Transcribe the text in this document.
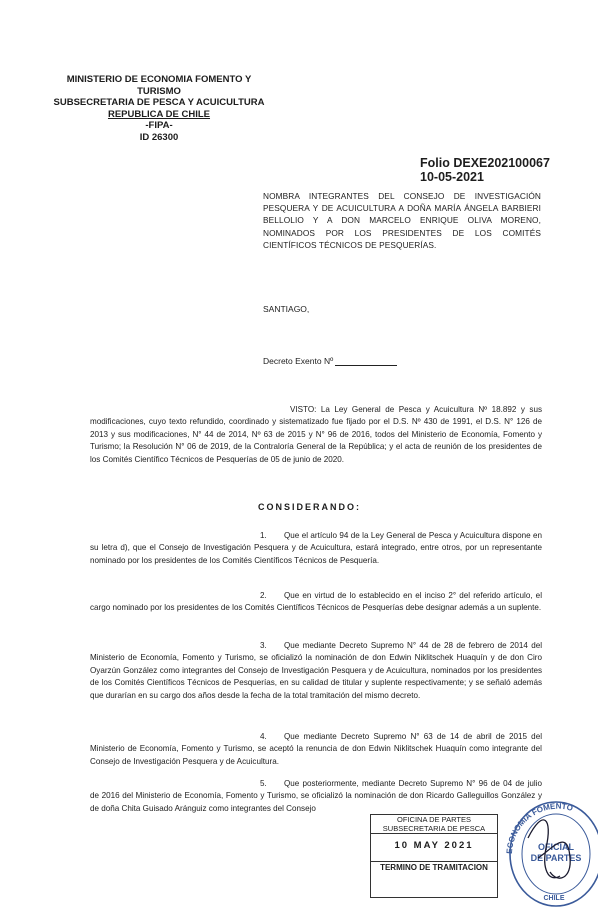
MINISTERIO DE ECONOMIA FOMENTO Y TURISMO
SUBSECRETARIA DE PESCA Y ACUICULTURA
REPUBLICA DE CHILE
-FIPA-
ID 26300
Folio DEXE202100067
10-05-2021
NOMBRA INTEGRANTES DEL CONSEJO DE INVESTIGACIÓN PESQUERA Y DE ACUICULTURA A DOÑA MARÍA ÁNGELA BARBIERI BELLOLIO Y A DON MARCELO ENRIQUE OLIVA MORENO, NOMINADOS POR LOS PRESIDENTES DE LOS COMITÉS CIENTÍFICOS TÉCNICOS DE PESQUERÍAS.
SANTIAGO,
Decreto Exento Nº
VISTO: La Ley General de Pesca y Acuicultura Nº 18.892 y sus modificaciones, cuyo texto refundido, coordinado y sistematizado fue fijado por el D.S. Nº 430 de 1991, el D.S. N° 126 de 2013 y sus modificaciones, N° 44 de 2014, Nº 63 de 2015 y N° 96 de 2016, todos del Ministerio de Economía, Fomento y Turismo; la Resolución N° 06 de 2019, de la Contraloría General de la República; y el acta de reunión de los presidentes de los Comités Científico Técnicos de Pesquerías de 05 de junio de 2020.
CONSIDERANDO:
1. Que el artículo 94 de la Ley General de Pesca y Acuicultura dispone en su letra d), que el Consejo de Investigación Pesquera y de Acuicultura, estará integrado, entre otros, por un representante nominado por los presidentes de los Comités Científicos Técnicos de Pesquería.
2. Que en virtud de lo establecido en el inciso 2° del referido artículo, el cargo nominado por los presidentes de los Comités Científicos Técnicos de Pesquerías debe designar además a un suplente.
3. Que mediante Decreto Supremo N° 44 de 28 de febrero de 2014 del Ministerio de Economía, Fomento y Turismo, se oficializó la nominación de don Edwin Niklitschek Huaquín y de don Ciro Oyarzún González como integrantes del Consejo de Investigación Pesquera y de Acuicultura, nominados por los presidentes de los Comités Científicos Técnicos de Pesquerías, en su calidad de titular y suplente respectivamente; y se señaló además que durarían en su cargo dos años desde la fecha de la total tramitación del mismo decreto.
4. Que mediante Decreto Supremo N° 63 de 14 de abril de 2015 del Ministerio de Economía, Fomento y Turismo, se aceptó la renuncia de don Edwin Niklitschek Huaquín como integrante del Consejo de Investigación Pesquera y de Acuicultura.
5. Que posteriormente, mediante Decreto Supremo N° 96 de 04 de julio de 2016 del Ministerio de Economía, Fomento y Turismo, se oficializó la nominación de don Ricardo Galleguillos González y de doña Chita Guisado Aránguiz como integrantes del Consejo
OFICINA DE PARTES
SUBSECRETARIA DE PESCA
10 MAY 2021
TERMINO DE TRAMITACION
ECONOMIA FOMENTO
OFICIAL
DE PARTES
CHILE
